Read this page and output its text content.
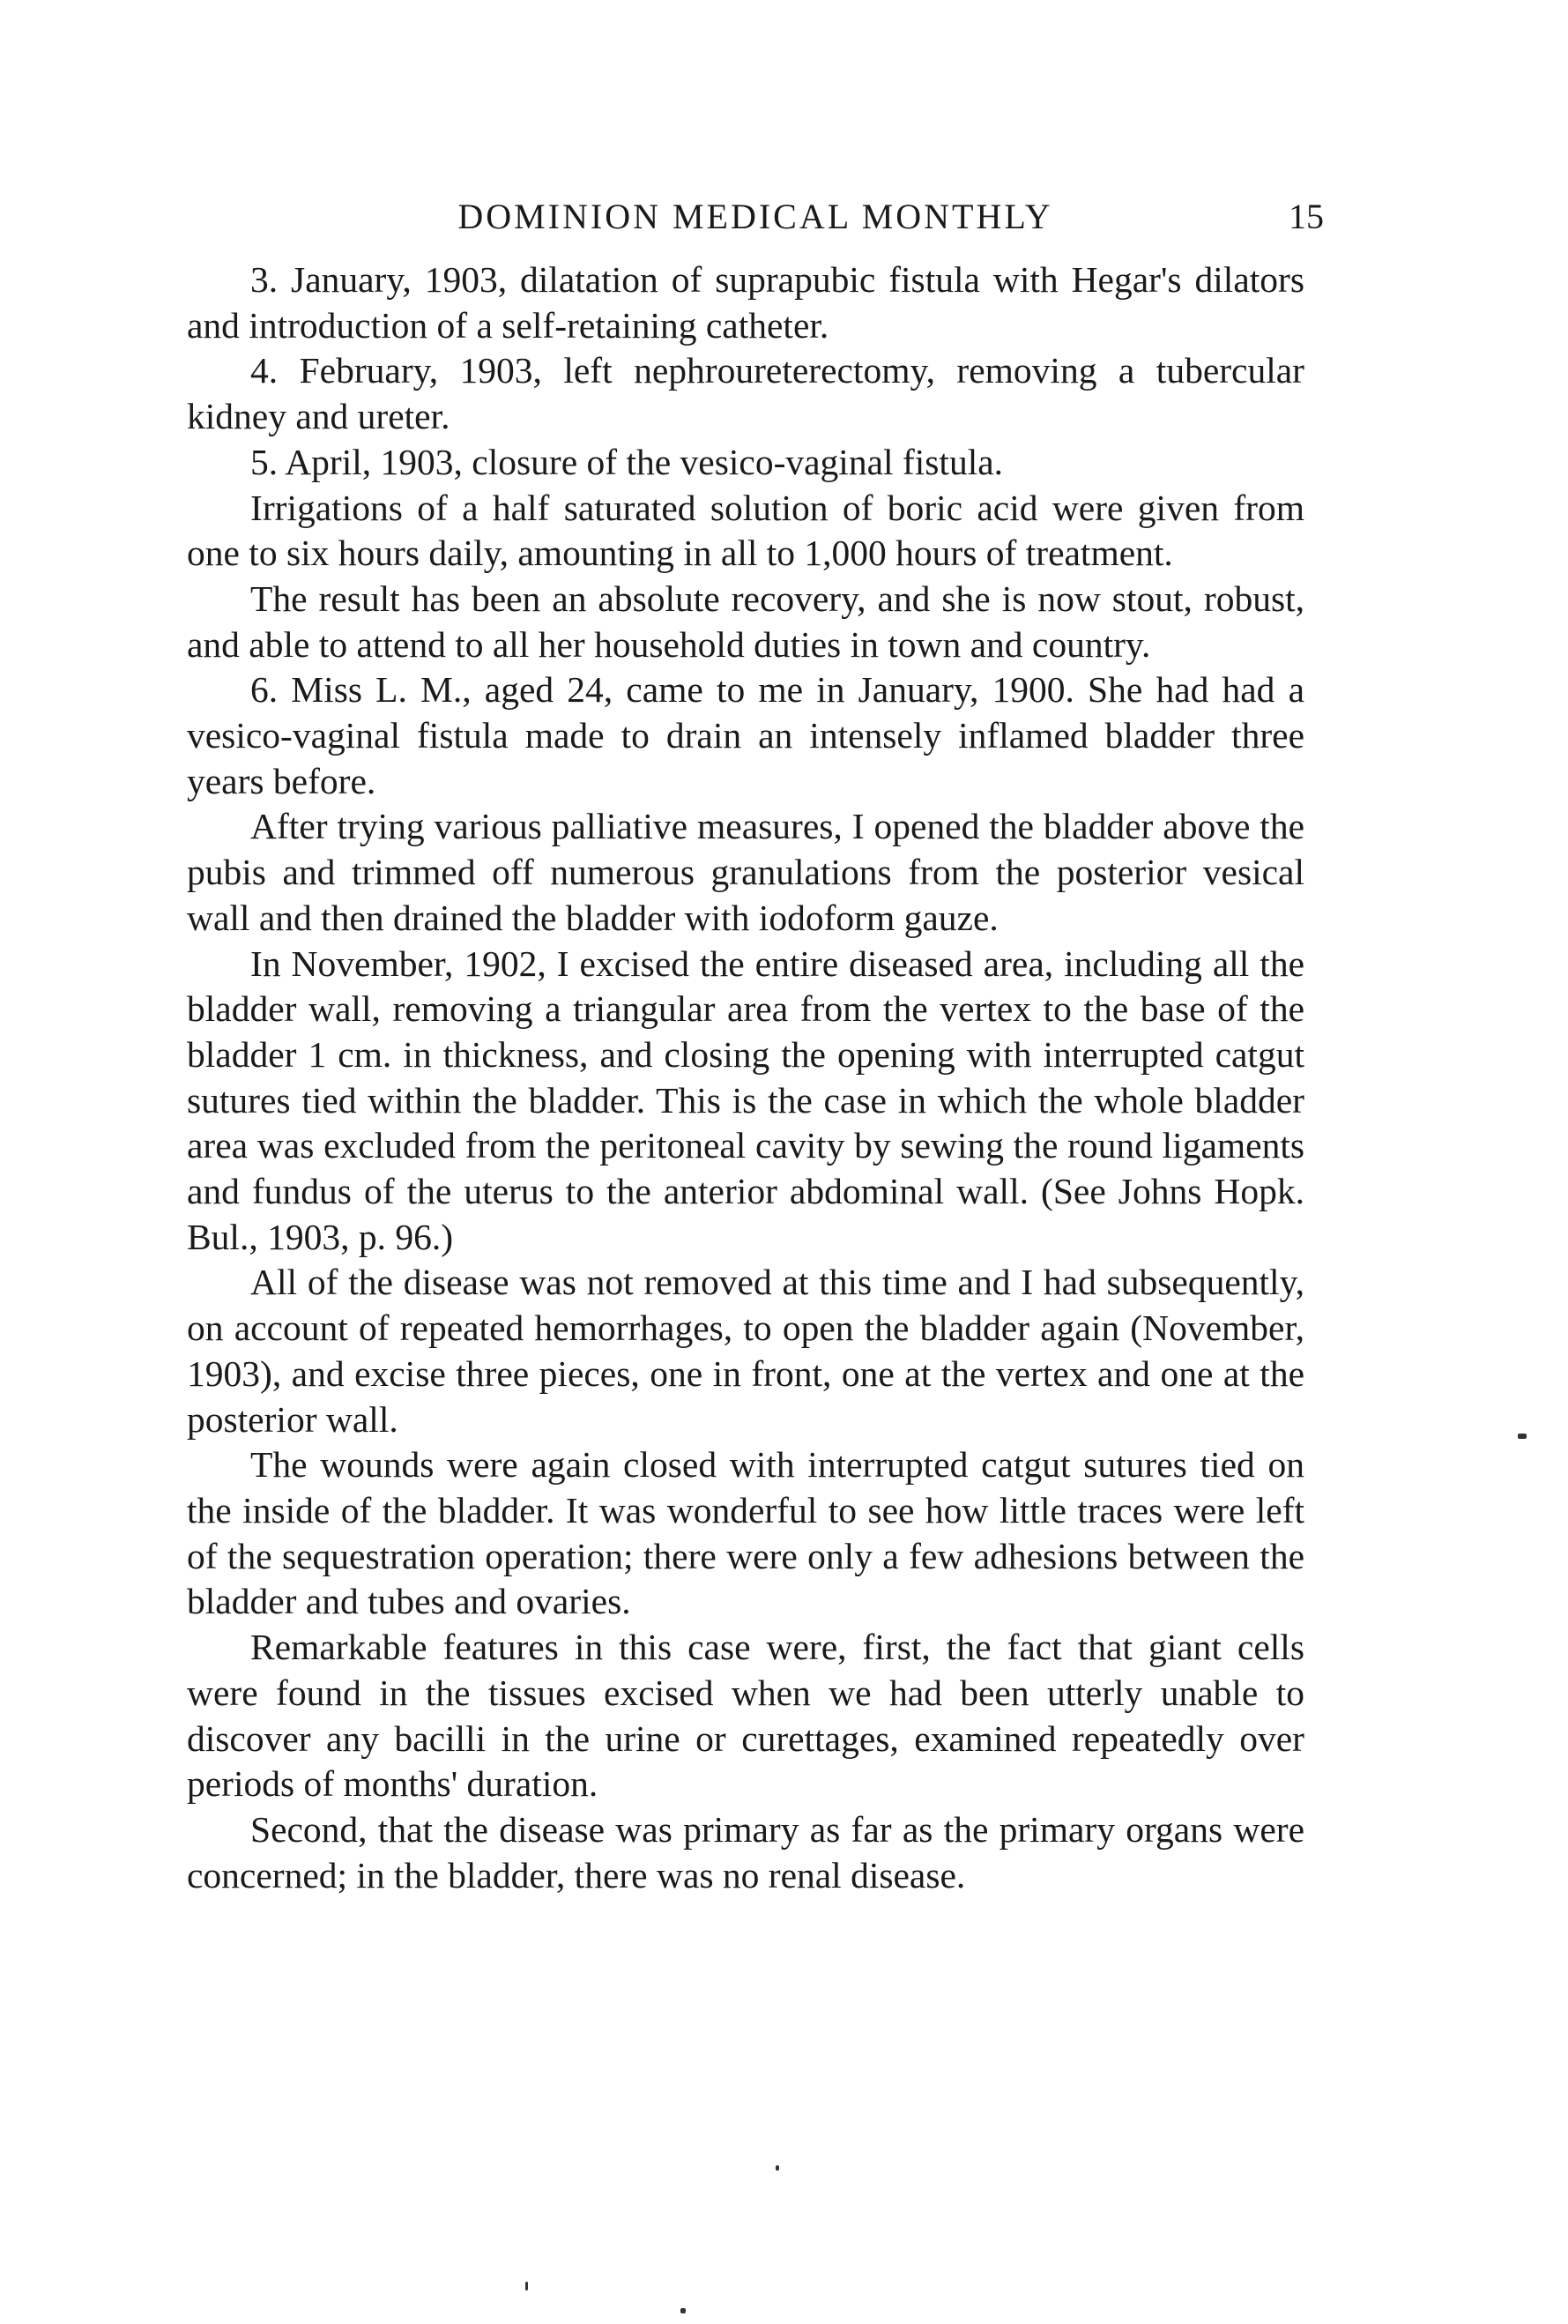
DOMINION MEDICAL MONTHLY	15

3. January, 1903, dilatation of suprapubic fistula with Hegar's dilators and introduction of a self-retaining catheter.

4. February, 1903, left nephroureterectomy, removing a tubercular kidney and ureter.

5. April, 1903, closure of the vesico-vaginal fistula.

Irrigations of a half saturated solution of boric acid were given from one to six hours daily, amounting in all to 1,000 hours of treatment.

The result has been an absolute recovery, and she is now stout, robust, and able to attend to all her household duties in town and country.

6. Miss L. M., aged 24, came to me in January, 1900. She had had a vesico-vaginal fistula made to drain an intensely inflamed bladder three years before.

After trying various palliative measures, I opened the bladder above the pubis and trimmed off numerous granulations from the posterior vesical wall and then drained the bladder with iodoform gauze.

In November, 1902, I excised the entire diseased area, including all the bladder wall, removing a triangular area from the vertex to the base of the bladder 1 cm. in thickness, and closing the opening with interrupted catgut sutures tied within the bladder. This is the case in which the whole bladder area was excluded from the peritoneal cavity by sewing the round ligaments and fundus of the uterus to the anterior abdominal wall. (See Johns Hopk. Bul., 1903, p. 96.)

All of the disease was not removed at this time and I had subsequently, on account of repeated hemorrhages, to open the bladder again (November, 1903), and excise three pieces, one in front, one at the vertex and one at the posterior wall.

The wounds were again closed with interrupted catgut sutures tied on the inside of the bladder. It was wonderful to see how little traces were left of the sequestration operation; there were only a few adhesions between the bladder and tubes and ovaries.

Remarkable features in this case were, first, the fact that giant cells were found in the tissues excised when we had been utterly unable to discover any bacilli in the urine or curettages, examined repeatedly over periods of months' duration.

Second, that the disease was primary as far as the primary organs were concerned; in the bladder, there was no renal disease.
